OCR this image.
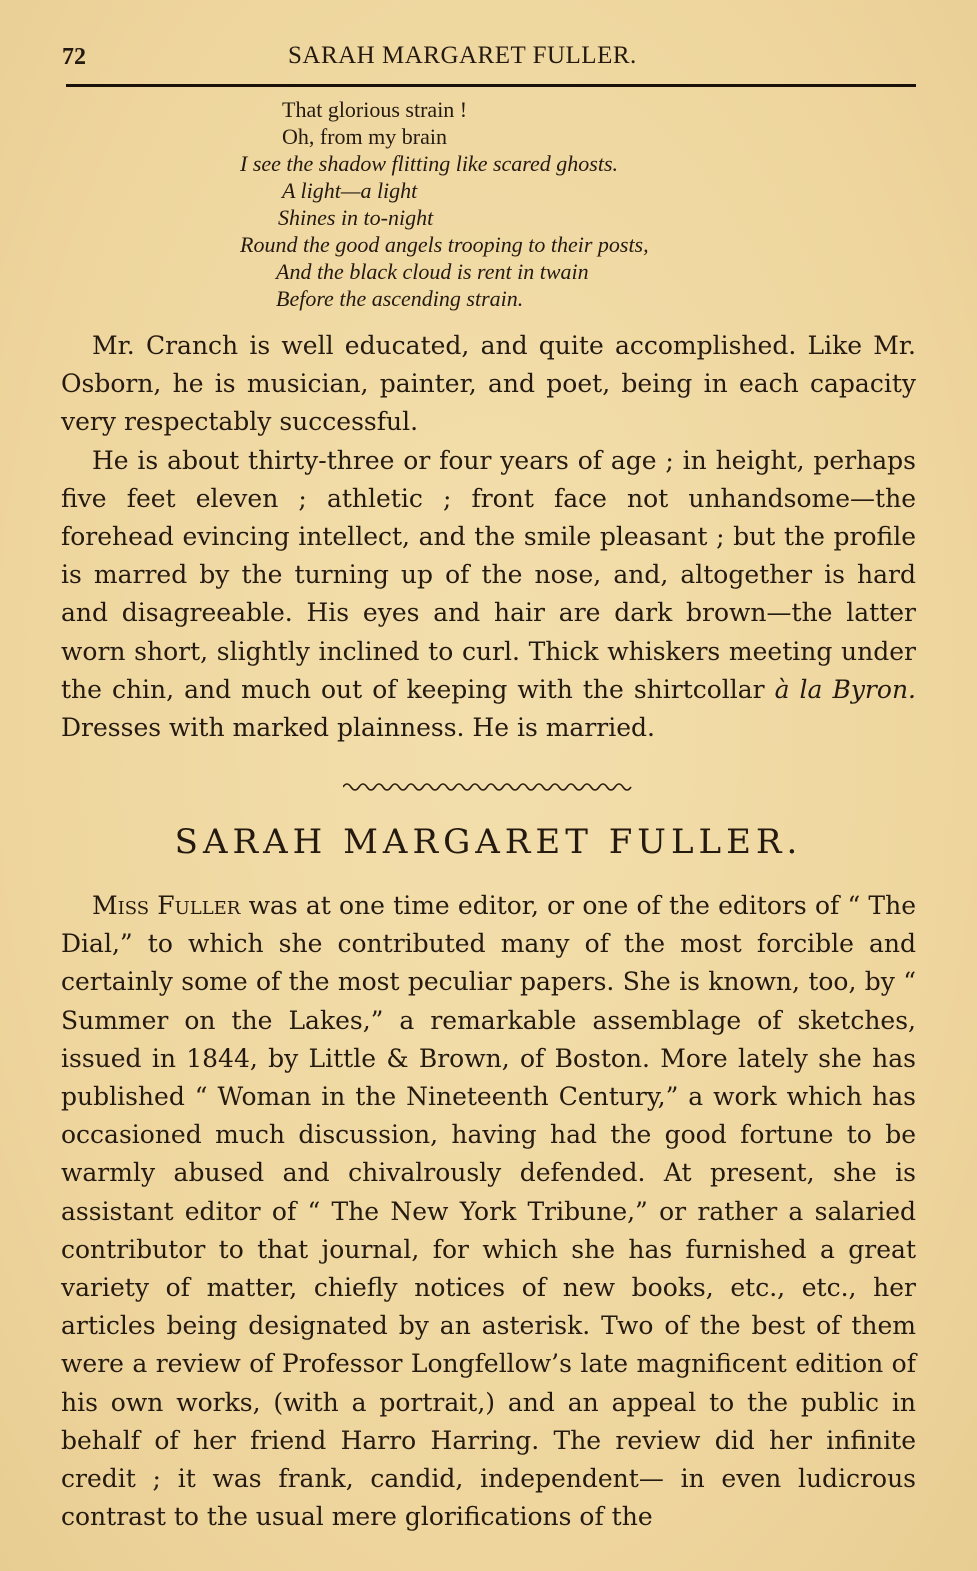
72	SARAH MARGARET FULLER.
That glorious strain !
Oh, from my brain
I see the shadow flitting like scared ghosts.
A light—a light
Shines in to-night
Round the good angels trooping to their posts,
And the black cloud is rent in twain
Before the ascending strain.

Mr. Cranch is well educated, and quite accomplished. Like Mr. Osborn, he is musician, painter, and poet, being in each capacity very respectably successful.

He is about thirty-three or four years of age ; in height, perhaps five feet eleven ; athletic ; front face not unhandsome—the forehead evincing intellect, and the smile pleasant ; but the profile is marred by the turning up of the nose, and, altogether is hard and disagreeable. His eyes and hair are dark brown—the latter worn short, slightly inclined to curl. Thick whiskers meeting under the chin, and much out of keeping with the shirtcollar à la Byron. Dresses with marked plainness. He is married.

SARAH MARGARET FULLER.

Miss Fuller was at one time editor, or one of the editors of “ The Dial,” to which she contributed many of the most forcible and certainly some of the most peculiar papers. She is known, too, by “ Summer on the Lakes,” a remarkable assemblage of sketches, issued in 1844, by Little & Brown, of Boston. More lately she has published “ Woman in the Nineteenth Century,” a work which has occasioned much discussion, having had the good fortune to be warmly abused and chivalrously defended. At present, she is assistant editor of “ The New York Tribune,” or rather a salaried contributor to that journal, for which she has furnished a great variety of matter, chiefly notices of new books, etc., etc., her articles being designated by an asterisk. Two of the best of them were a review of Professor Longfellow’s late magnificent edition of his own works, (with a portrait,) and an appeal to the public in behalf of her friend Harro Harring. The review did her infinite credit ; it was frank, candid, independent— in even ludicrous contrast to the usual mere glorifications of the
